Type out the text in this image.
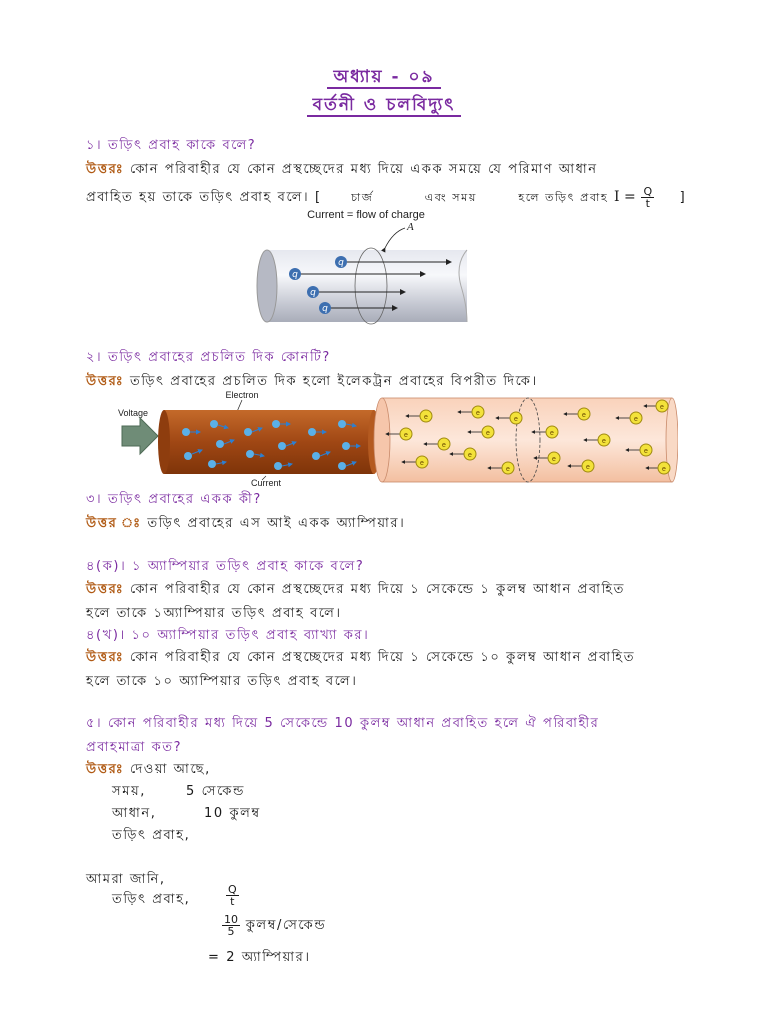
অধ্যায় - ০৯
বর্তনী ও চলবিদ্যুৎ
১। তড়িৎ প্রবাহ কাকে বলে?
উত্তরঃ কোন পরিবাহীর যে কোন প্রস্থচ্ছেদের মধ্য দিয়ে একক সময়ে যে পরিমাণ আধান
প্রবাহিত হয় তাকে তড়িৎ প্রবাহ বলে। [	চার্জ	এবং সময়	হলে তড়িৎ প্রবাহ $I = \frac{Q}{t}$ ]
Current = flow of charge
A
q
q
q
q
২। তড়িৎ প্রবাহের প্রচলিত দিক কোনটি?
উত্তরঃ তড়িৎ প্রবাহের প্রচলিত দিক হলো ইলেকট্রন প্রবাহের বিপরীত দিকে।
Voltage
Electron
Current
e
e
e
e
e
e
e
e
e
e
e
e
e
e
e
e
e
e
৩। তড়িৎ প্রবাহের একক কী?
উত্তর ঃ তড়িৎ প্রবাহের এস আই একক অ্যাম্পিয়ার।
৪(ক)। ১ অ্যাম্পিয়ার তড়িৎ প্রবাহ কাকে বলে?
উত্তরঃ কোন পরিবাহীর যে কোন প্রস্থচ্ছেদের মধ্য দিয়ে ১ সেকেন্ডে ১ কুলম্ব আধান প্রবাহিত
হলে তাকে ১অ্যাম্পিয়ার তড়িৎ প্রবাহ বলে।
৪(খ)। ১০ অ্যাম্পিয়ার তড়িৎ প্রবাহ ব্যাখ্যা কর।
উত্তরঃ কোন পরিবাহীর যে কোন প্রস্থচ্ছেদের মধ্য দিয়ে ১ সেকেন্ডে ১০ কুলম্ব আধান প্রবাহিত
হলে তাকে ১০ অ্যাম্পিয়ার তড়িৎ প্রবাহ বলে।
৫। কোন পরিবাহীর মধ্য দিয়ে 5 সেকেন্ডে 10 কুলম্ব আধান প্রবাহিত হলে ঐ পরিবাহীর
প্রবাহমাত্রা কত?
উত্তরঃ দেওয়া আছে,
সময়,	5 সেকেন্ড
আধান,	10 কুলম্ব
তড়িৎ প্রবাহ,
আমরা জানি,
তড়িৎ প্রবাহ,	$\frac{Q}{t}$
$\frac{10}{5}$ কুলম্ব/সেকেন্ড
= 2 অ্যাম্পিয়ার।
